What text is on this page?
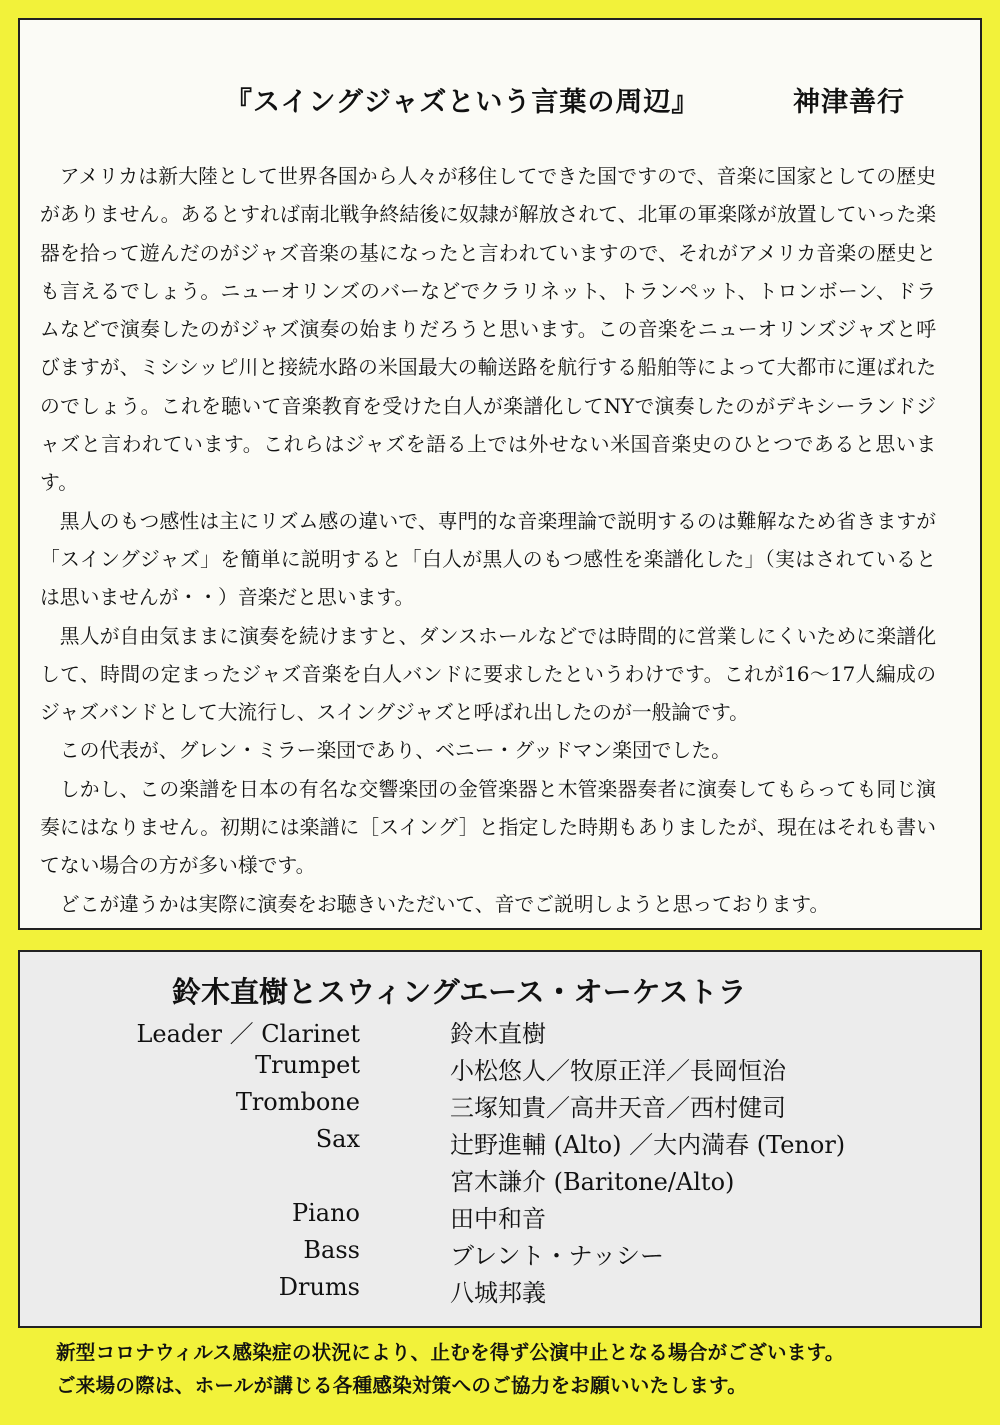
『スイングジャズという言葉の周辺』	神津善行

アメリカは新大陸として世界各国から人々が移住してできた国ですので、音楽に国家としての歴史がありません。あるとすれば南北戦争終結後に奴隷が解放されて、北軍の軍楽隊が放置していった楽器を拾って遊んだのがジャズ音楽の基になったと言われていますので、それがアメリカ音楽の歴史とも言えるでしょう。ニューオリンズのバーなどでクラリネット、トランペット、トロンボーン、ドラムなどで演奏したのがジャズ演奏の始まりだろうと思います。この音楽をニューオリンズジャズと呼びますが、ミシシッピ川と接続水路の米国最大の輸送路を航行する船舶等によって大都市に運ばれたのでしょう。これを聴いて音楽教育を受けた白人が楽譜化してNYで演奏したのがデキシーランドジャズと言われています。これらはジャズを語る上では外せない米国音楽史のひとつであると思います。

黒人のもつ感性は主にリズム感の違いで、専門的な音楽理論で説明するのは難解なため省きますが「スイングジャズ」を簡単に説明すると「白人が黒人のもつ感性を楽譜化した」（実はされているとは思いませんが・・）音楽だと思います。

黒人が自由気ままに演奏を続けますと、ダンスホールなどでは時間的に営業しにくいために楽譜化して、時間の定まったジャズ音楽を白人バンドに要求したというわけです。これが16〜17人編成のジャズバンドとして大流行し、スイングジャズと呼ばれ出したのが一般論です。

この代表が、グレン・ミラー楽団であり、ベニー・グッドマン楽団でした。

しかし、この楽譜を日本の有名な交響楽団の金管楽器と木管楽器奏者に演奏してもらっても同じ演奏にはなりません。初期には楽譜に［スイング］と指定した時期もありましたが、現在はそれも書いてない場合の方が多い様です。

どこが違うかは実際に演奏をお聴きいただいて、音でご説明しようと思っております。

鈴木直樹とスウィングエース・オーケストラ
Leader ／ Clarinet	鈴木直樹
Trumpet	小松悠人／牧原正洋／長岡恒治
Trombone	三塚知貴／高井天音／西村健司
Sax	辻野進輔 (Alto) ／大内満春 (Tenor)
宮木謙介 (Baritone/Alto)
Piano	田中和音
Bass	ブレント・ナッシー
Drums	八城邦義
新型コロナウィルス感染症の状況により、止むを得ず公演中止となる場合がございます。
ご来場の際は、ホールが講じる各種感染対策へのご協力をお願いいたします。
